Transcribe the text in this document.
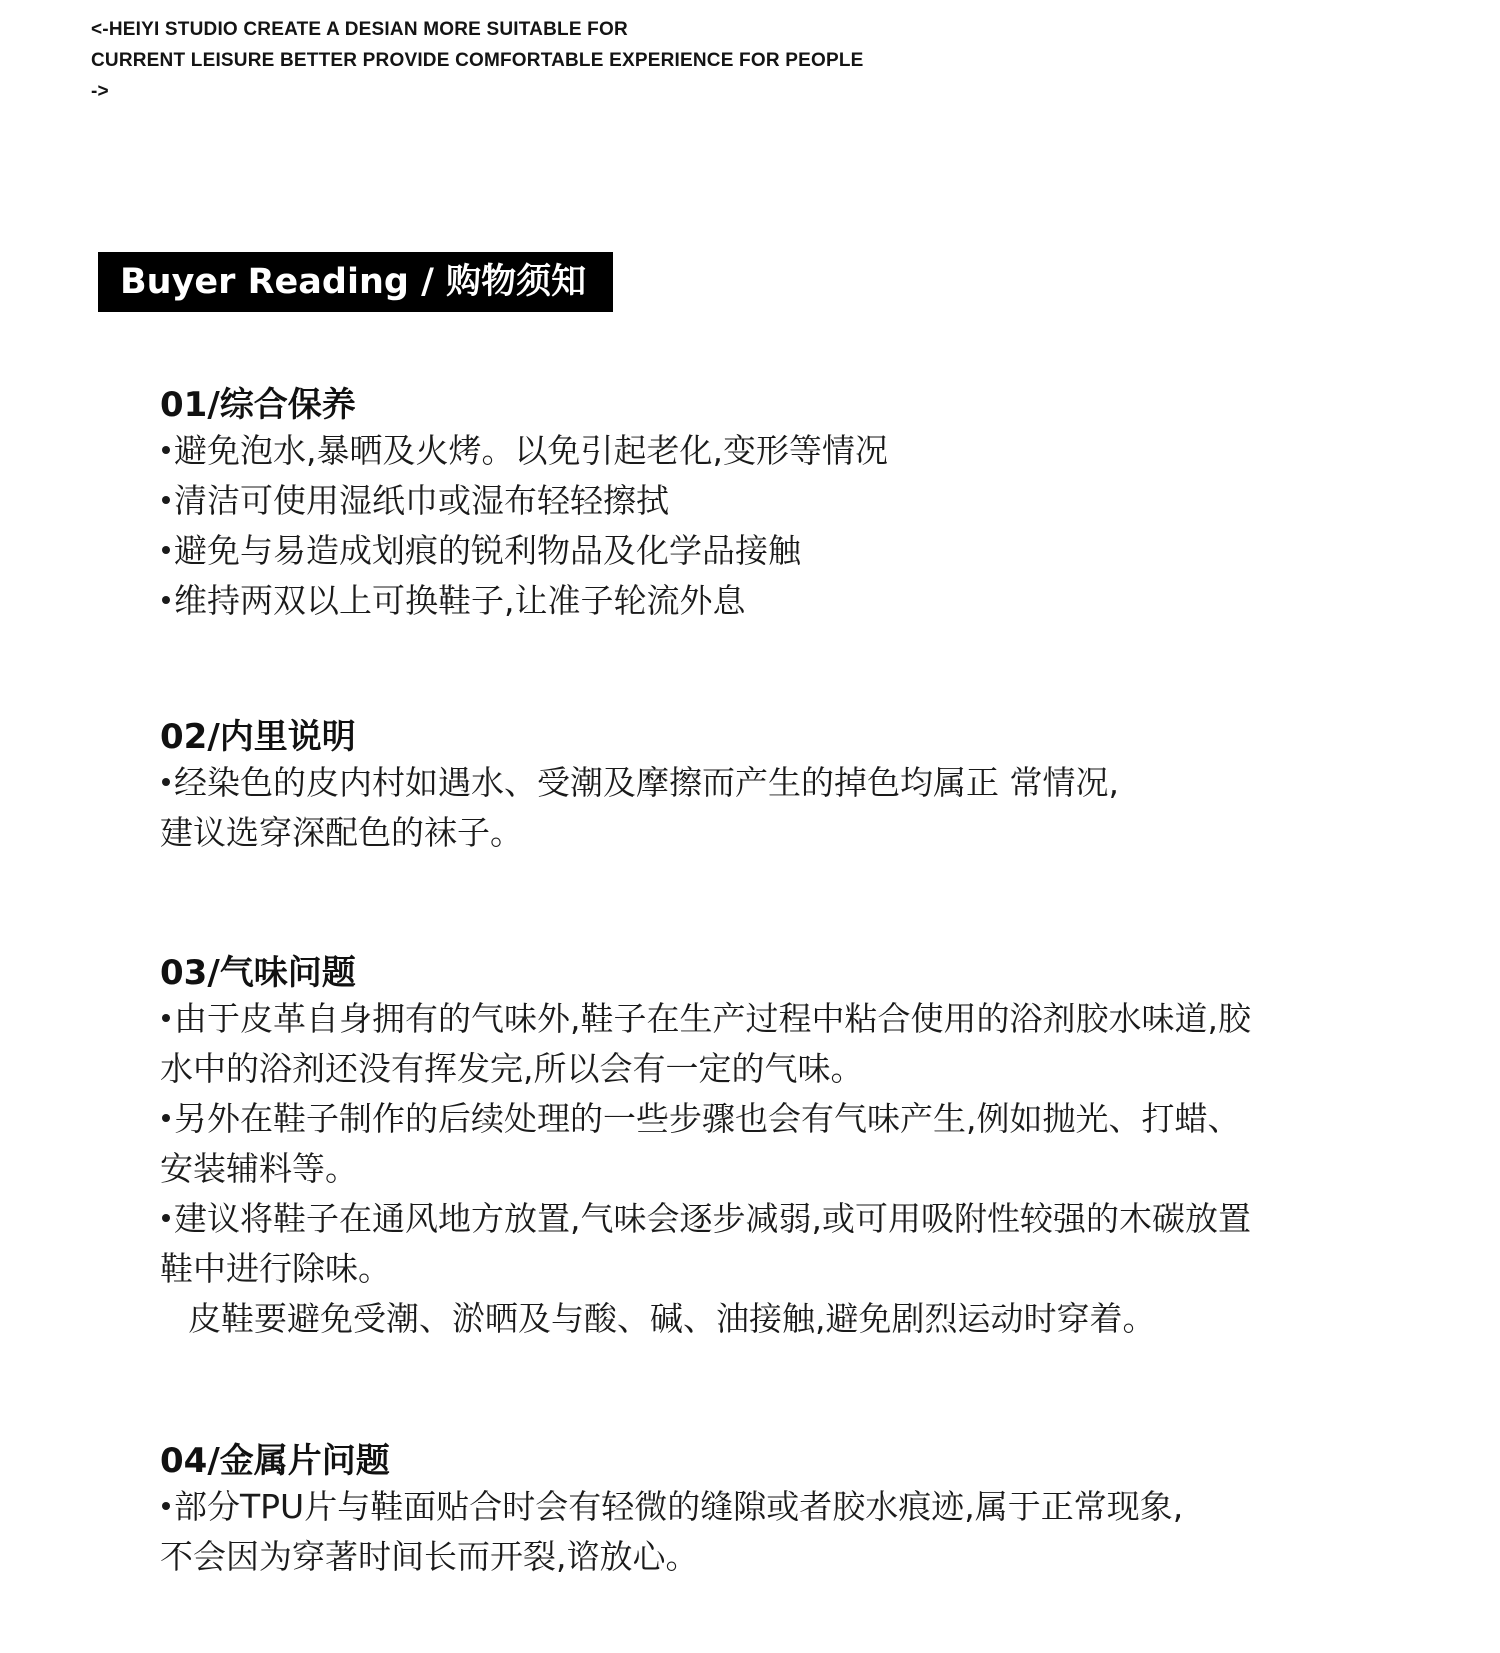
<-HEIYI STUDIO CREATE A DESIAN MORE SUITABLE FOR
CURRENT LEISURE BETTER PROVIDE COMFORTABLE EXPERIENCE FOR PEOPLE
->
Buyer Reading / 购物须知
01/综合保养
避免泡水,暴晒及火烤。以免引起老化,变形等情况
清洁可使用湿纸巾或湿布轻轻擦拭
避免与易造成划痕的锐利物品及化学品接触
维持两双以上可换鞋子,让准子轮流外息
02/内里说明
经染色的皮内村如遇水、受潮及摩擦而产生的掉色均属正 常情况,
建议选穿深配色的袜子。
03/气味问题
由于皮革自身拥有的气味外,鞋子在生产过程中粘合使用的浴剂胶水味道,胶
水中的浴剂还没有挥发完,所以会有一定的气味。
另外在鞋子制作的后续处理的一些步骤也会有气味产生,例如抛光、打蜡、
安装辅料等。
建议将鞋子在通风地方放置,气味会逐步减弱,或可用吸附性较强的木碳放置
鞋中进行除味。
皮鞋要避免受潮、淤晒及与酸、碱、油接触,避免剧烈运动时穿着。
04/金属片问题
部分TPU片与鞋面贴合时会有轻微的缝隙或者胶水痕迹,属于正常现象,
不会因为穿著时间长而开裂,谘放心。
